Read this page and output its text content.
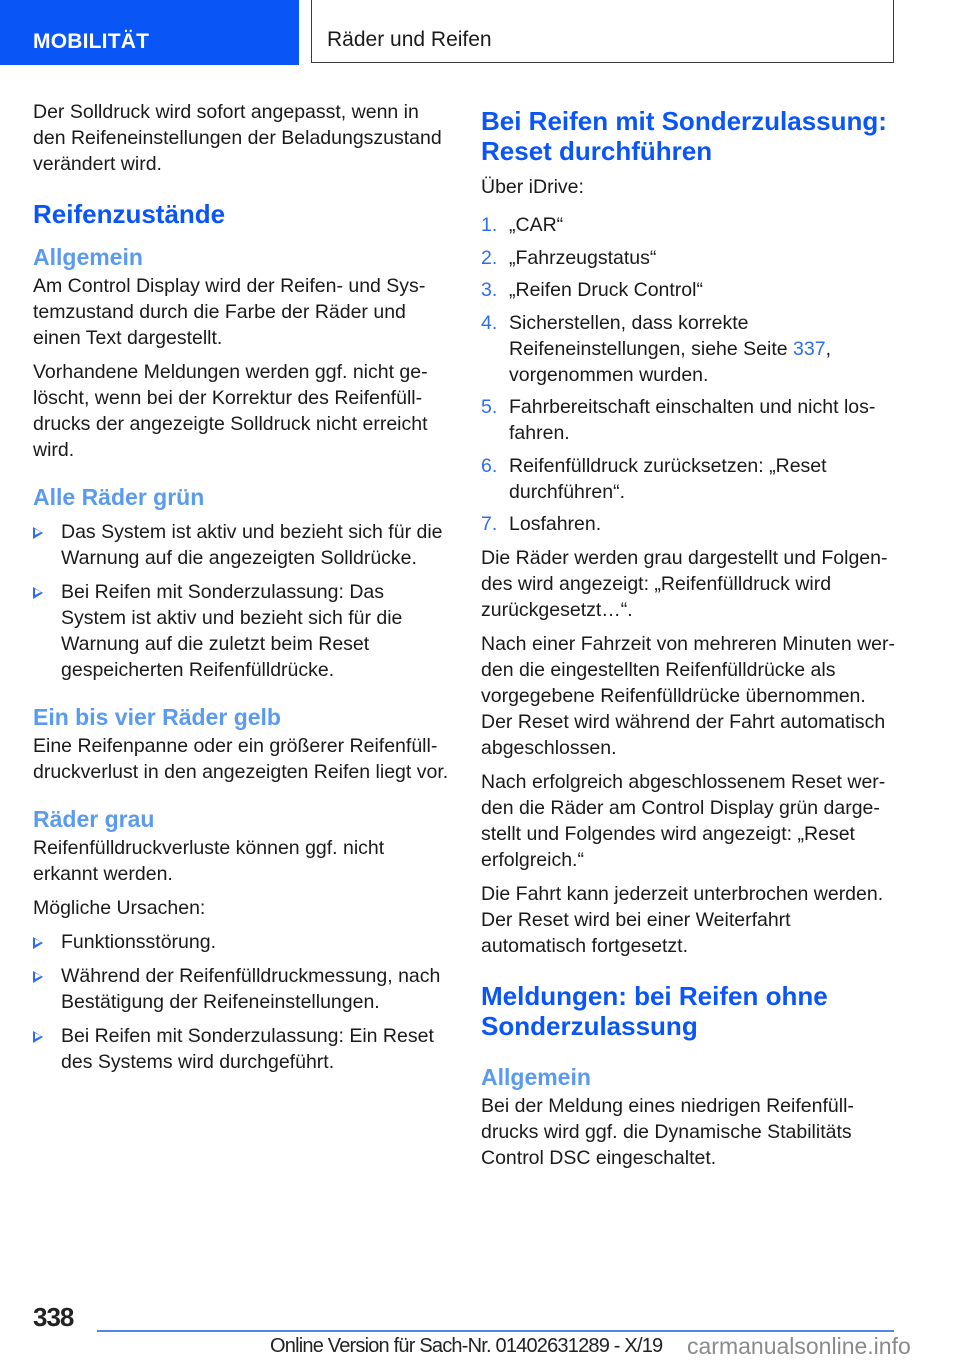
MOBILITÄT	Räder und Reifen

Der Solldruck wird sofort angepasst, wenn in den Reifeneinstellungen der Beladungszustand verändert wird.

Reifenzustände
Allgemein

Am Control Display wird der Reifen- und Systemzustand durch die Farbe der Räder und einen Text dargestellt.

Vorhandene Meldungen werden ggf. nicht gelöscht, wenn bei der Korrektur des Reifenfülldrucks der angezeigte Solldruck nicht erreicht wird.

Alle Räder grün
Das System ist aktiv und bezieht sich für die Warnung auf die angezeigten Solldrücke.
Bei Reifen mit Sonderzulassung: Das System ist aktiv und bezieht sich für die Warnung auf die zuletzt beim Reset gespeicherten Reifenfülldrücke.
Ein bis vier Räder gelb

Eine Reifenpanne oder ein größerer Reifenfülldruckverlust in den angezeigten Reifen liegt vor.

Räder grau

Reifenfülldruckverluste können ggf. nicht erkannt werden.

Mögliche Ursachen:

Funktionsstörung.
Während der Reifenfülldruckmessung, nach Bestätigung der Reifeneinstellungen.
Bei Reifen mit Sonderzulassung: Ein Reset des Systems wird durchgeführt.
Bei Reifen mit Sonderzulassung: Reset durchführen

Über iDrive:

1. „CAR“
2. „Fahrzeugstatus“
3. „Reifen Druck Control“
4. Sicherstellen, dass korrekte Reifeneinstellungen, siehe Seite 337, vorgenommen wurden.
5. Fahrbereitschaft einschalten und nicht losfahren.
6. Reifenfülldruck zurücksetzen: „Reset durchführen“.
7. Losfahren.

Die Räder werden grau dargestellt und Folgendes wird angezeigt: „Reifenfülldruck wird zurückgesetzt…“.

Nach einer Fahrzeit von mehreren Minuten werden die eingestellten Reifenfülldrücke als vorgegebene Reifenfülldrücke übernommen. Der Reset wird während der Fahrt automatisch abgeschlossen.

Nach erfolgreich abgeschlossenem Reset werden die Räder am Control Display grün dargestellt und Folgendes wird angezeigt: „Reset erfolgreich.“

Die Fahrt kann jederzeit unterbrochen werden. Der Reset wird bei einer Weiterfahrt automatisch fortgesetzt.

Meldungen: bei Reifen ohne Sonderzulassung
Allgemein

Bei der Meldung eines niedrigen Reifenfülldrucks wird ggf. die Dynamische Stabilitäts Control DSC eingeschaltet.

338
Online Version für Sach-Nr. 01402631289 - X/19 carmanualsonline.info
